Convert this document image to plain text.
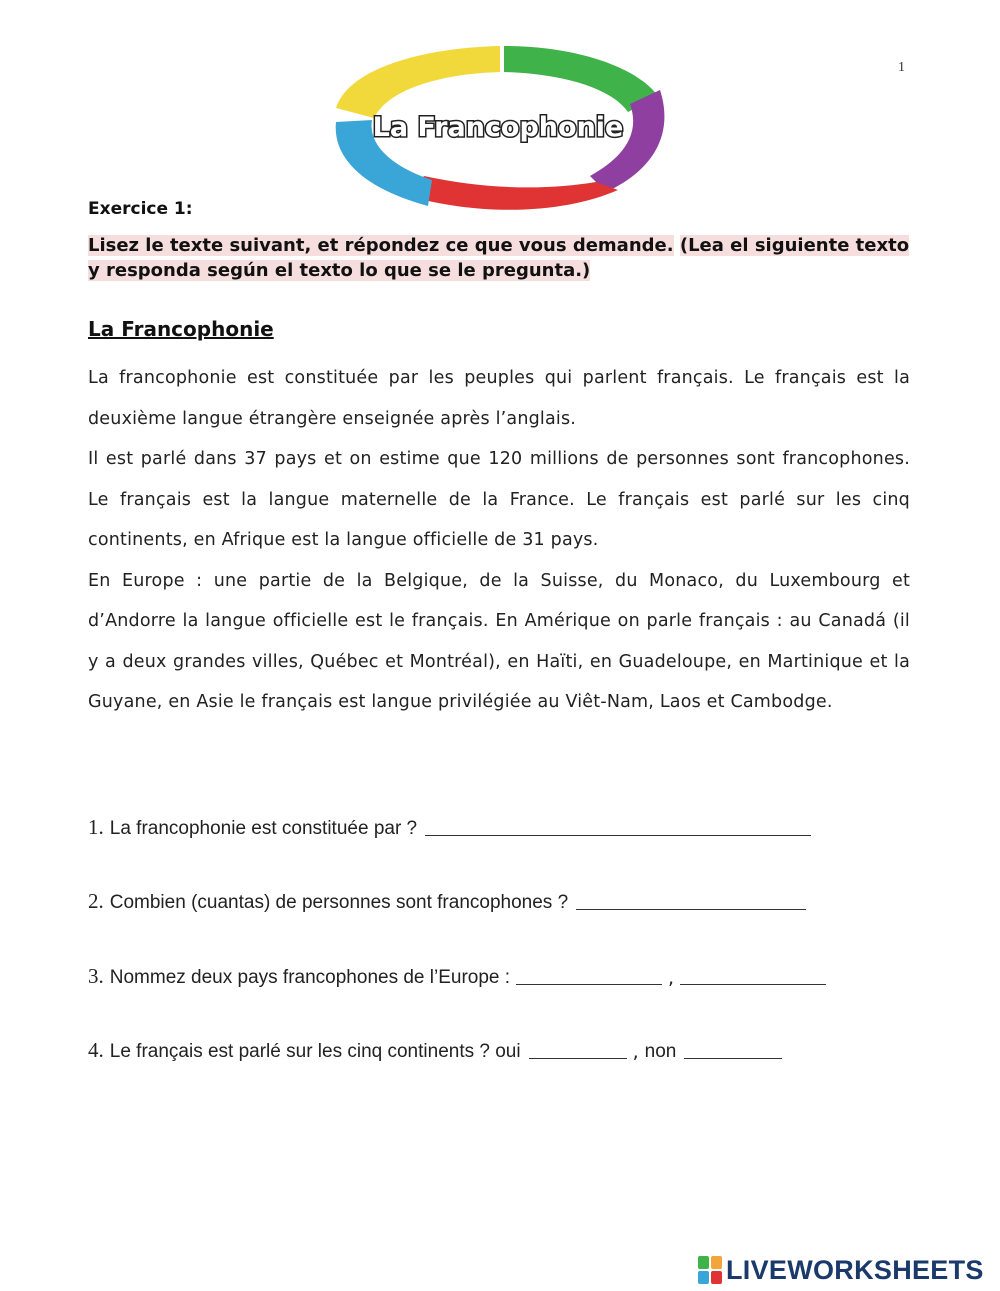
1
La Francophonie
Exercice 1:
Lisez le texte suivant, et répondez ce que vous demande. (Lea el siguiente texto y responda según el texto lo que se le pregunta.)
La Francophonie

La francophonie est constituée par les peuples qui parlent français. Le français est la deuxième langue étrangère enseignée après l’anglais.

Il est parlé dans 37 pays et on estime que 120 millions de personnes sont francophones. Le français est la langue maternelle de la France. Le français est parlé sur les cinq continents, en Afrique est la langue officielle de 31 pays.

En Europe : une partie de la Belgique, de la Suisse, du Monaco, du Luxembourg et d’Andorre la langue officielle est le français. En Amérique on parle français : au Canadá (il y a deux grandes villes, Québec et Montréal), en Haïti, en Guadeloupe, en Martinique et la Guyane, en Asie le français est langue privilégiée au Viêt-Nam, Laos et Cambodge.

1. La francophonie est constituée par ?
2. Combien (cuantas) de personnes sont francophones ?
3. Nommez deux pays francophones de l’Europe :	,
4. Le français est parlé sur les cinq continents ? oui	, non
LIVEWORKSHEETS
